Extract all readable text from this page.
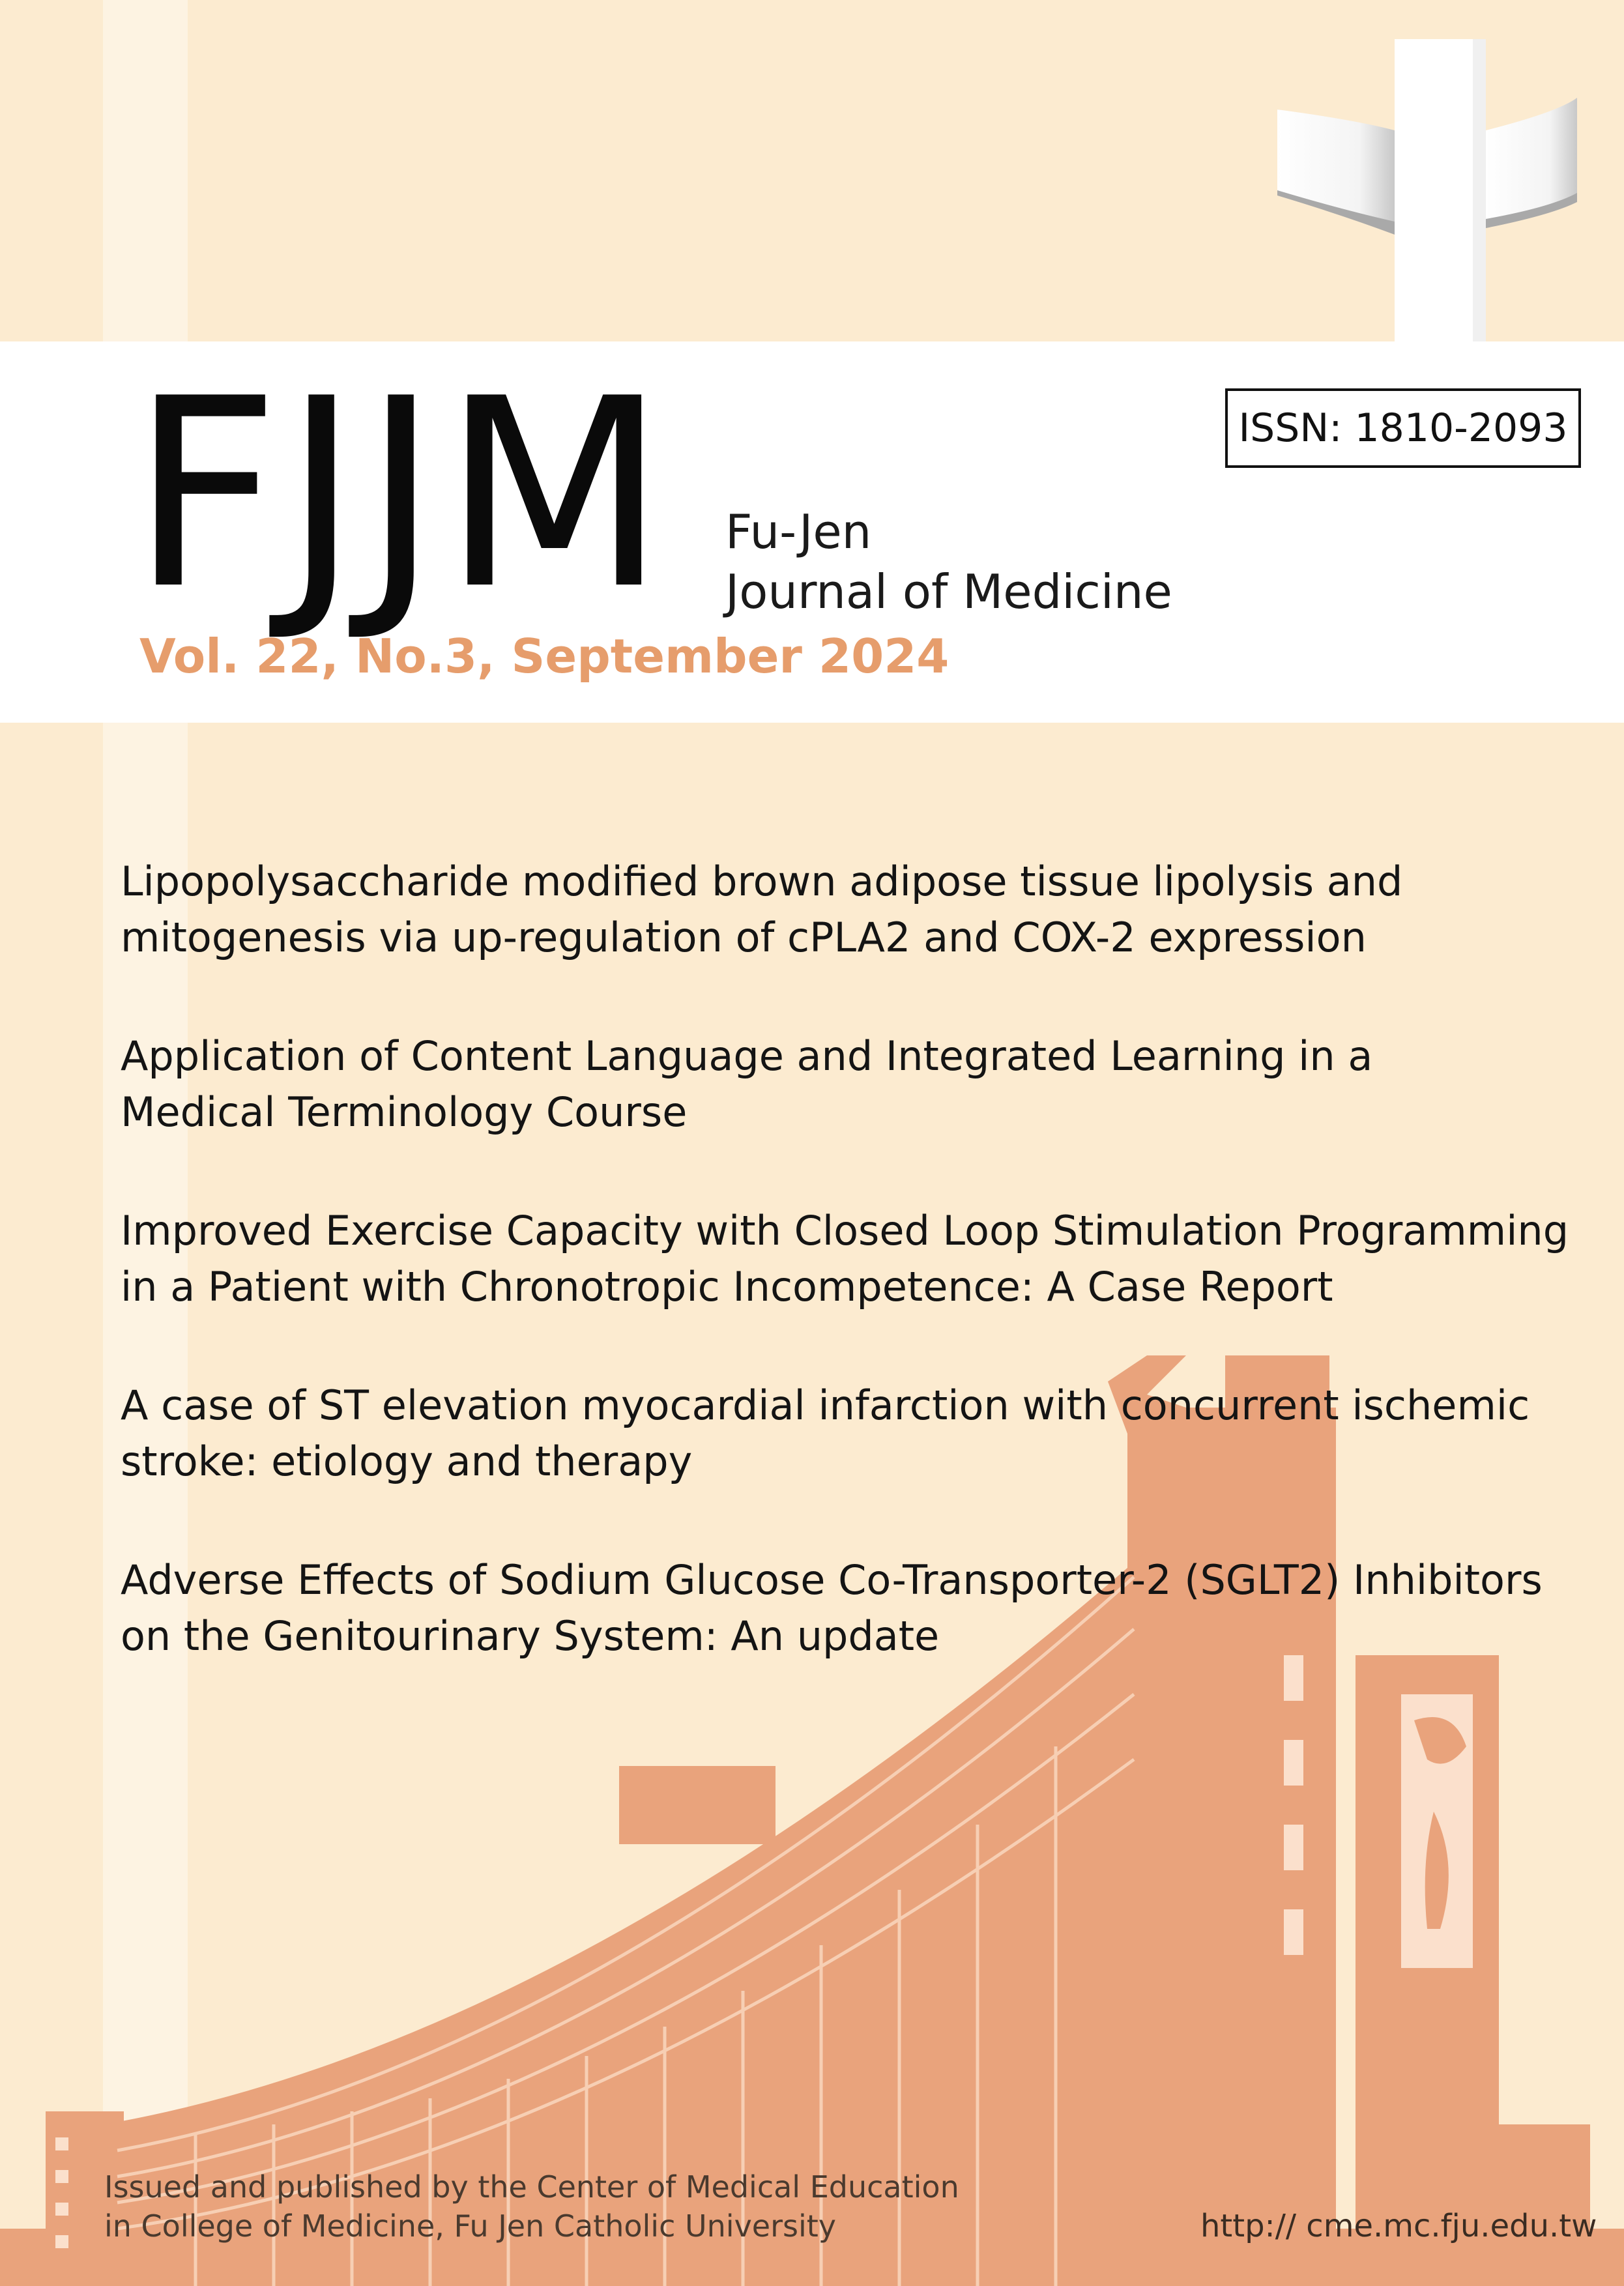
FJJM Fu-Jen
Journal of Medicine
ISSN: 1810-2093
Vol. 22, No.3, September 2024
Lipopolysaccharide modified brown adipose tissue lipolysis and
mitogenesis via up-regulation of cPLA2 and COX-2 expression
Application of Content Language and Integrated Learning in a
Medical Terminology Course
Improved Exercise Capacity with Closed Loop Stimulation Programming
in a Patient with Chronotropic Incompetence: A Case Report
A case of ST elevation myocardial infarction with concurrent ischemic
stroke: etiology and therapy
Adverse Effects of Sodium Glucose Co-Transporter-2 (SGLT2) Inhibitors
on the Genitourinary System: An update
Issued and published by the Center of Medical Education
in College of Medicine, Fu Jen Catholic University	http:// cme.mc.fju.edu.tw
